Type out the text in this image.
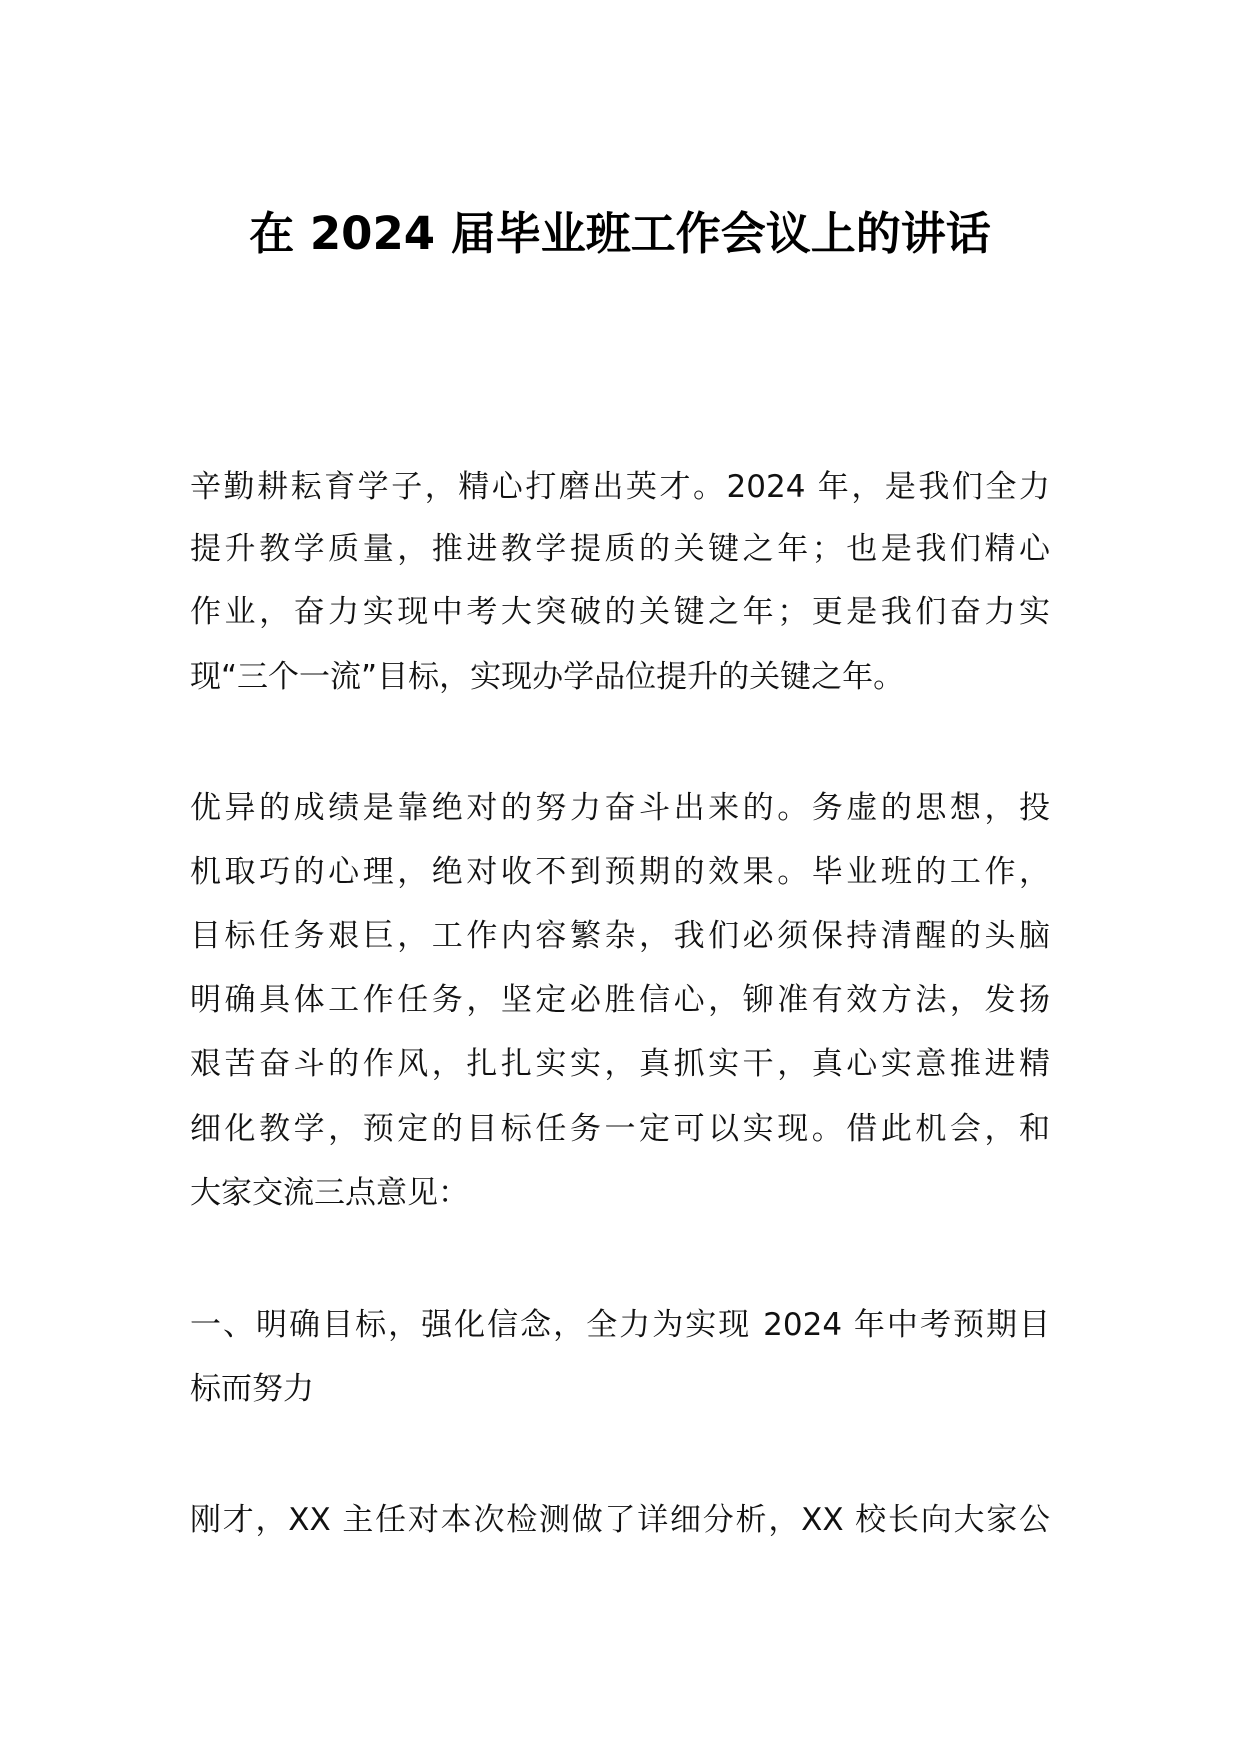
在 2024 届毕业班工作会议上的讲话
辛勤耕耘育学子，精心打磨出英才。2024 年，是我们全力
提升教学质量，推进教学提质的关键之年；也是我们精心
作业，奋力实现中考大突破的关键之年；更是我们奋力实
现“三个一流”目标，实现办学品位提升的关键之年。
优异的成绩是靠绝对的努力奋斗出来的。务虚的思想，投
机取巧的心理，绝对收不到预期的效果。毕业班的工作，
目标任务艰巨，工作内容繁杂，我们必须保持清醒的头脑
明确具体工作任务，坚定必胜信心，铆准有效方法，发扬
艰苦奋斗的作风，扎扎实实，真抓实干，真心实意推进精
细化教学，预定的目标任务一定可以实现。借此机会，和
大家交流三点意见：
一、明确目标，强化信念，全力为实现 2024 年中考预期目
标而努力
刚才，XX 主任对本次检测做了详细分析，XX 校长向大家公
